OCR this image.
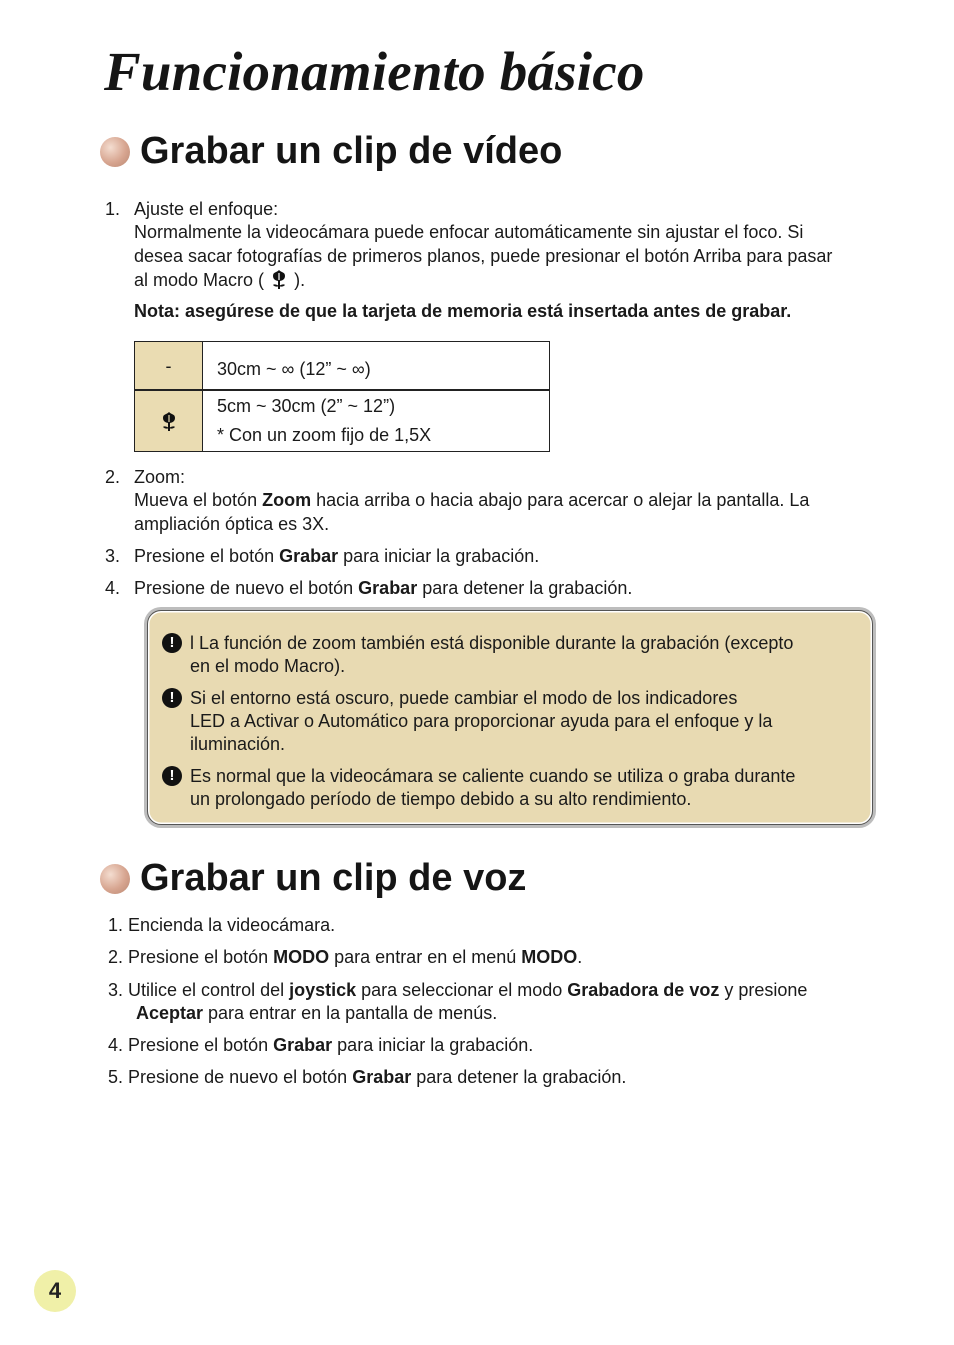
Funcionamiento básico
Grabar un clip de vídeo
1. Ajuste el enfoque:
Normalmente la videocámara puede enfocar automáticamente sin ajustar el foco. Si
desea sacar fotografías de primeros planos, puede presionar el botón Arriba para pasar
al modo Macro ( ).
Nota: asegúrese de que la tarjeta de memoria está insertada antes de grabar.
-	30cm ~ ∞ (12” ~ ∞)
5cm ~ 30cm (2” ~ 12”)
* Con un zoom fijo de 1,5X
2. Zoom:
Mueva el botón Zoom hacia arriba o hacia abajo para acercar o alejar la pantalla. La
ampliación óptica es 3X.
3. Presione el botón Grabar para iniciar la grabación.
4. Presione de nuevo el botón Grabar para detener la grabación.
! l La función de zoom también está disponible durante la grabación (excepto
en el modo Macro).
! Si el entorno está oscuro, puede cambiar el modo de los indicadores
LED a Activar o Automático para proporcionar ayuda para el enfoque y la
iluminación.
! Es normal que la videocámara se caliente cuando se utiliza o graba durante
un prolongado período de tiempo debido a su alto rendimiento.
Grabar un clip de voz
1. Encienda la videocámara.
2. Presione el botón MODO para entrar en el menú MODO.
3. Utilice el control del joystick para seleccionar el modo Grabadora de voz y presione
Aceptar para entrar en la pantalla de menús.
4. Presione el botón Grabar para iniciar la grabación.
5. Presione de nuevo el botón Grabar para detener la grabación.
4
